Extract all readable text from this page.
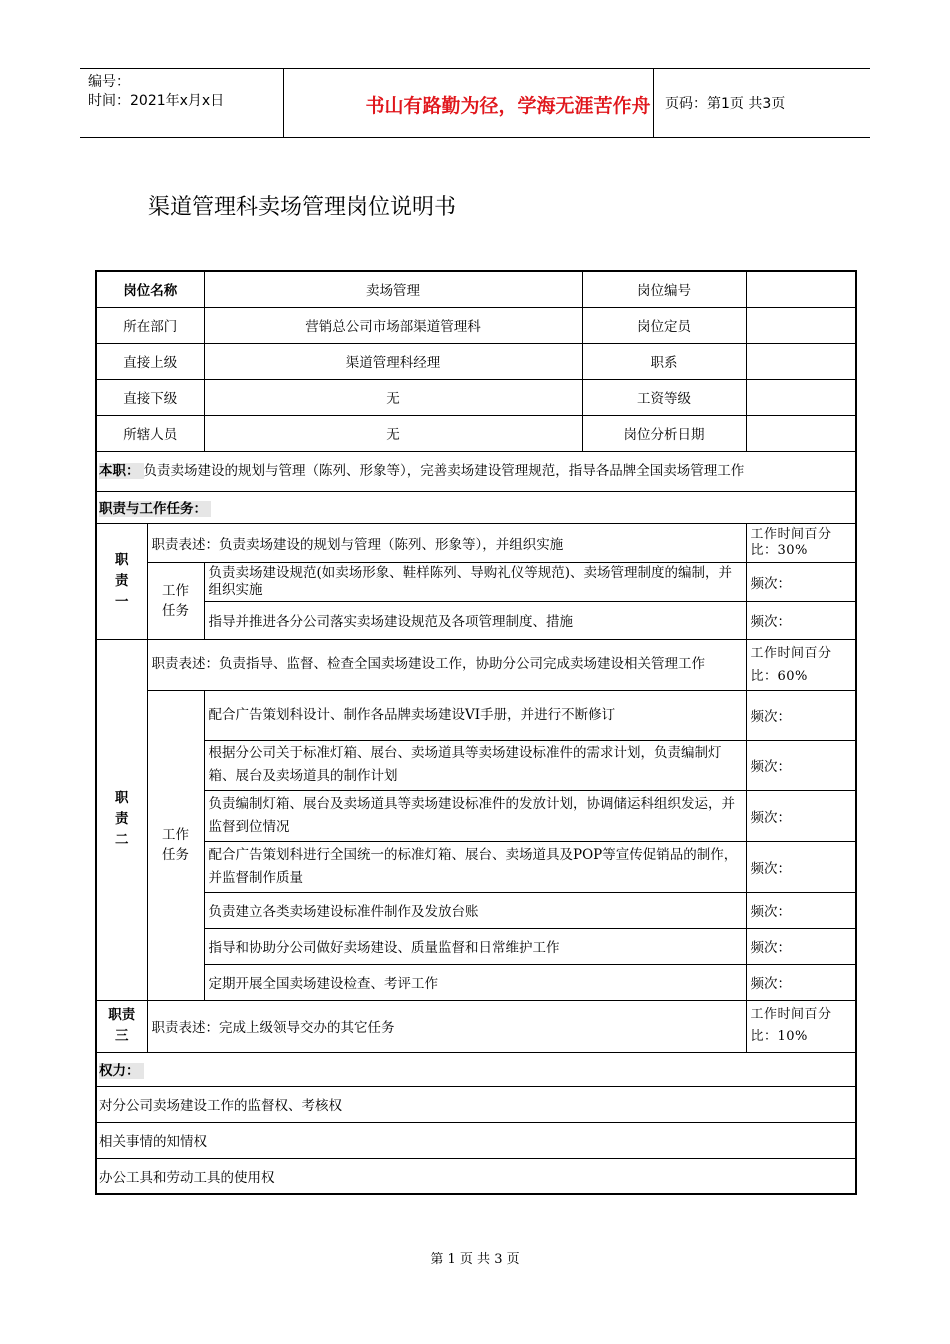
编号：
时间：2021年x月x日	书山有路勤为径，学海无涯苦作舟	页码：第1页 共3页
渠道管理科卖场管理岗位说明书
岗位名称		卖场管理	岗位编号	
所在部门		营销总公司市场部渠道管理科	岗位定员	
直接上级		渠道管理科经理	职系	
直接下级		无	工资等级	
所辖人员		无	岗位分析日期	
本职： 负责卖场建设的规划与管理（陈列、形象等），完善卖场建设管理规范，指导各品牌全国卖场管理工作				
职责与工作任务：				
职责一	职责表述：负责卖场建设的规划与管理（陈列、形象等），并组织实施			工作时间百分比：30%
	工作任务	负责卖场建设规范(如卖场形象、鞋样陈列、导购礼仪等规范)、卖场管理制度的编制，并组织实施		频次：
		指导并推进各分公司落实卖场建设规范及各项管理制度、措施		频次：
职责二	职责表述：负责指导、监督、检查全国卖场建设工作，协助分公司完成卖场建设相关管理工作			工作时间百分比：60%
	工作任务	配合广告策划科设计、制作各品牌卖场建设VI手册，并进行不断修订		频次：
		根据分公司关于标准灯箱、展台、卖场道具等卖场建设标准件的需求计划，负责编制灯箱、展台及卖场道具的制作计划		频次：
		负责编制灯箱、展台及卖场道具等卖场建设标准件的发放计划，协调储运科组织发运，并监督到位情况		频次：
		配合广告策划科进行全国统一的标准灯箱、展台、卖场道具及POP等宣传促销品的制作，并监督制作质量		频次：
		负责建立各类卖场建设标准件制作及发放台账		频次：
		指导和协助分公司做好卖场建设、质量监督和日常维护工作		频次：
		定期开展全国卖场建设检查、考评工作		频次：
职责三	职责表述：完成上级领导交办的其它任务			工作时间百分比：10%
权力：				
对分公司卖场建设工作的监督权、考核权				
相关事情的知情权				
办公工具和劳动工具的使用权				
第 1 页 共 3 页
